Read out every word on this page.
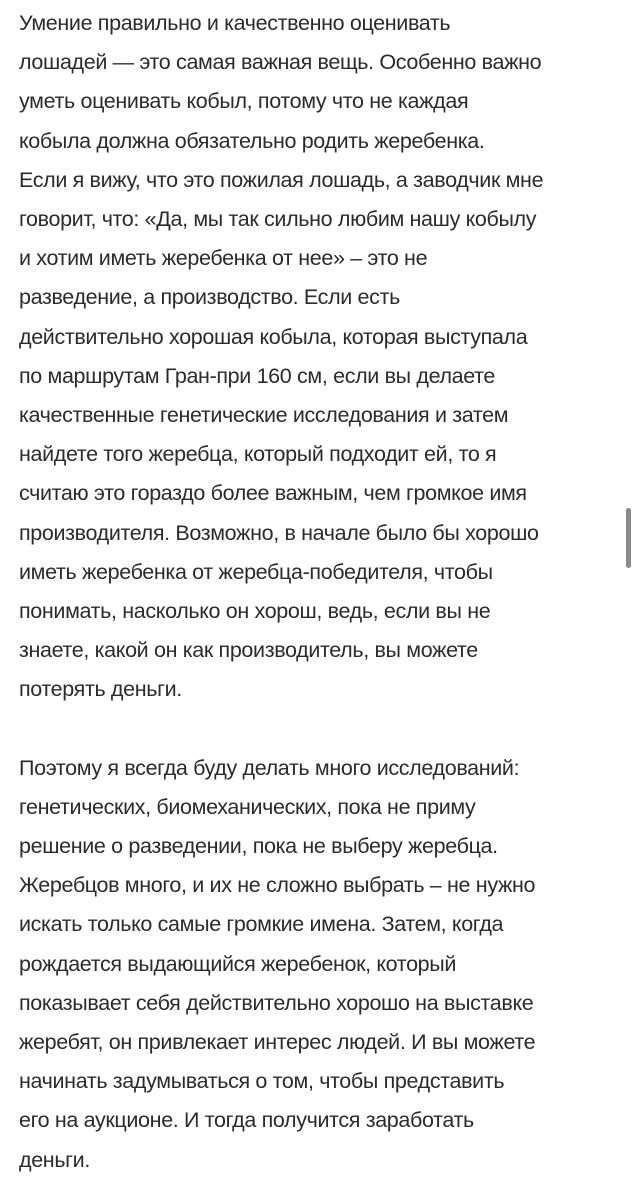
Умение правильно и качественно оценивать
лошадей — это самая важная вещь. Особенно важно
уметь оценивать кобыл, потому что не каждая
кобыла должна обязательно родить жеребенка.
Если я вижу, что это пожилая лошадь, а заводчик мне
говорит, что: «Да, мы так сильно любим нашу кобылу
и хотим иметь жеребенка от нее» – это не
разведение, а производство. Если есть
действительно хорошая кобыла, которая выступала
по маршрутам Гран-при 160 см, если вы делаете
качественные генетические исследования и затем
найдете того жеребца, который подходит ей, то я
считаю это гораздо более важным, чем громкое имя
производителя. Возможно, в начале было бы хорошо
иметь жеребенка от жеребца-победителя, чтобы
понимать, насколько он хорош, ведь, если вы не
знаете, какой он как производитель, вы можете
потерять деньги.

Поэтому я всегда буду делать много исследований:
генетических, биомеханических, пока не приму
решение о разведении, пока не выберу жеребца.
Жеребцов много, и их не сложно выбрать – не нужно
искать только самые громкие имена. Затем, когда
рождается выдающийся жеребенок, который
показывает себя действительно хорошо на выставке
жеребят, он привлекает интерес людей. И вы можете
начинать задумываться о том, чтобы представить
его на аукционе. И тогда получится заработать
деньги.
